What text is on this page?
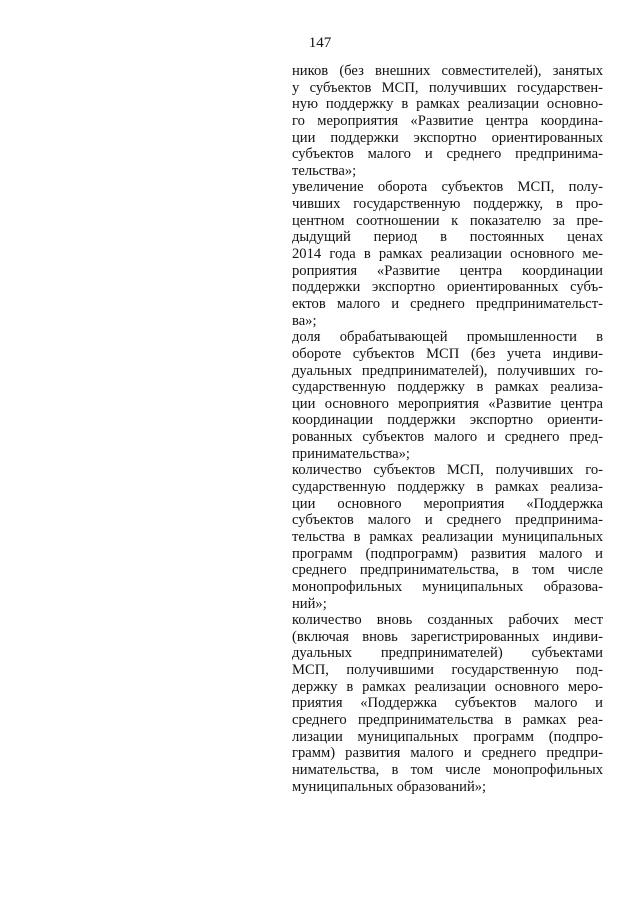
147
ников (без внешних совместителей), занятых
у субъектов МСП, получивших государствен-
ную поддержку в рамках реализации основно-
го мероприятия «Развитие центра координа-
ции поддержки экспортно ориентированных
субъектов малого и среднего предпринима-
тельства»;
увеличение оборота субъектов МСП, полу-
чивших государственную поддержку, в про-
центном соотношении к показателю за пре-
дыдущий период в постоянных ценах
2014 года в рамках реализации основного ме-
роприятия «Развитие центра координации
поддержки экспортно ориентированных субъ-
ектов малого и среднего предпринимательст-
ва»;
доля обрабатывающей промышленности в
обороте субъектов МСП (без учета индиви-
дуальных предпринимателей), получивших го-
сударственную поддержку в рамках реализа-
ции основного мероприятия «Развитие центра
координации поддержки экспортно ориенти-
рованных субъектов малого и среднего пред-
принимательства»;
количество субъектов МСП, получивших го-
сударственную поддержку в рамках реализа-
ции основного мероприятия «Поддержка
субъектов малого и среднего предпринима-
тельства в рамках реализации муниципальных
программ (подпрограмм) развития малого и
среднего предпринимательства, в том числе
монопрофильных муниципальных образова-
ний»;
количество вновь созданных рабочих мест
(включая вновь зарегистрированных индиви-
дуальных предпринимателей) субъектами
МСП, получившими государственную под-
держку в рамках реализации основного меро-
приятия «Поддержка субъектов малого и
среднего предпринимательства в рамках реа-
лизации муниципальных программ (подпро-
грамм) развития малого и среднего предпри-
нимательства, в том числе монопрофильных
муниципальных образований»;
